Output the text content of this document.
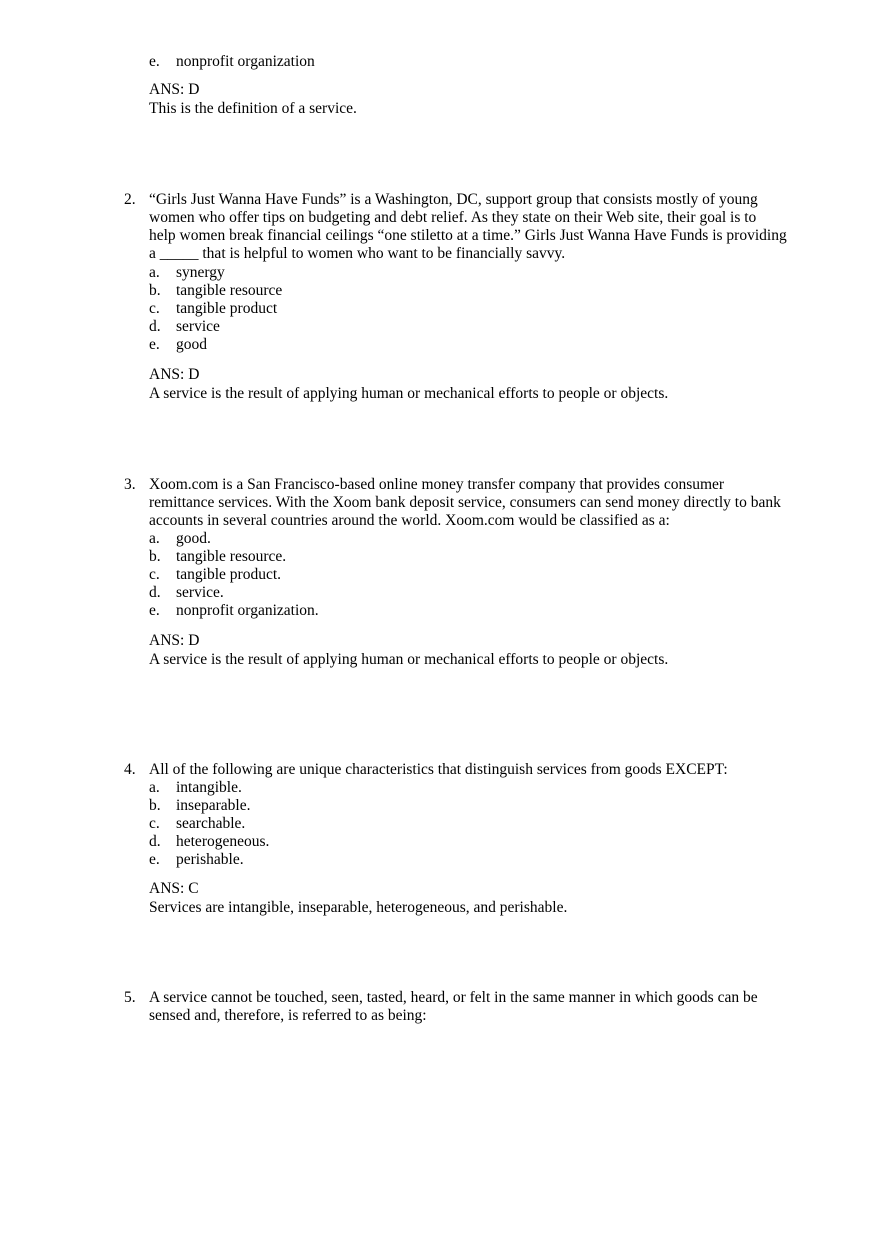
e. nonprofit organization
ANS: D
This is the definition of a service.
2. “Girls Just Wanna Have Funds” is a Washington, DC, support group that consists mostly of young
women who offer tips on budgeting and debt relief. As they state on their Web site, their goal is to
help women break financial ceilings “one stiletto at a time.” Girls Just Wanna Have Funds is providing
a _____ that is helpful to women who want to be financially savvy.
a. synergy
b. tangible resource
c. tangible product
d. service
e. good
ANS: D
A service is the result of applying human or mechanical efforts to people or objects.
3. Xoom.com is a San Francisco-based online money transfer company that provides consumer
remittance services. With the Xoom bank deposit service, consumers can send money directly to bank
accounts in several countries around the world. Xoom.com would be classified as a:
a. good.
b. tangible resource.
c. tangible product.
d. service.
e. nonprofit organization.
ANS: D
A service is the result of applying human or mechanical efforts to people or objects.
4. All of the following are unique characteristics that distinguish services from goods EXCEPT:
a. intangible.
b. inseparable.
c. searchable.
d. heterogeneous.
e. perishable.
ANS: C
Services are intangible, inseparable, heterogeneous, and perishable.
5. A service cannot be touched, seen, tasted, heard, or felt in the same manner in which goods can be
sensed and, therefore, is referred to as being:
